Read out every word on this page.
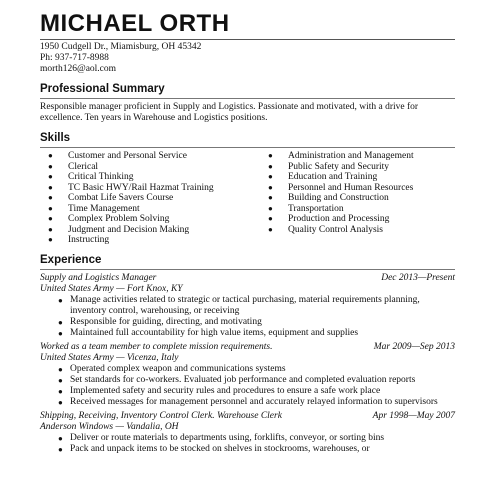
MICHAEL ORTH
1950 Cudgell Dr., Miamisburg, OH 45342
Ph: 937-717-8988
morth126@aol.com
Professional Summary

Responsible manager proficient in Supply and Logistics. Passionate and motivated, with a drive for excellence. Ten years in Warehouse and Logistics positions.

Skills
● Customer and Personal Service
● Clerical
● Critical Thinking
● TC Basic HWY/Rail Hazmat Training
● Combat Life Savers Course
● Time Management
● Complex Problem Solving
● Judgment and Decision Making
● Instructing
● Administration and Management
● Public Safety and Security
● Education and Training
● Personnel and Human Resources
● Building and Construction
● Transportation
● Production and Processing
● Quality Control Analysis
Experience
Supply and Logistics Manager	Dec 2013—Present
United States Army — Fort Knox, KY
● Manage activities related to strategic or tactical purchasing, material requirements planning, inventory control, warehousing, or receiving
● Responsible for guiding, directing, and motivating
● Maintained full accountability for high value items, equipment and supplies
Worked as a team member to complete mission requirements.	Mar 2009—Sep 2013
United States Army — Vicenza, Italy
● Operated complex weapon and communications systems
● Set standards for co-workers. Evaluated job performance and completed evaluation reports
● Implemented safety and security rules and procedures to ensure a safe work place
● Received messages for management personnel and accurately relayed information to supervisors
Shipping, Receiving, Inventory Control Clerk. Warehouse Clerk	Apr 1998—May 2007
Anderson Windows — Vandalia, OH
● Deliver or route materials to departments using, forklifts, conveyor, or sorting bins
● Pack and unpack items to be stocked on shelves in stockrooms, warehouses, or
